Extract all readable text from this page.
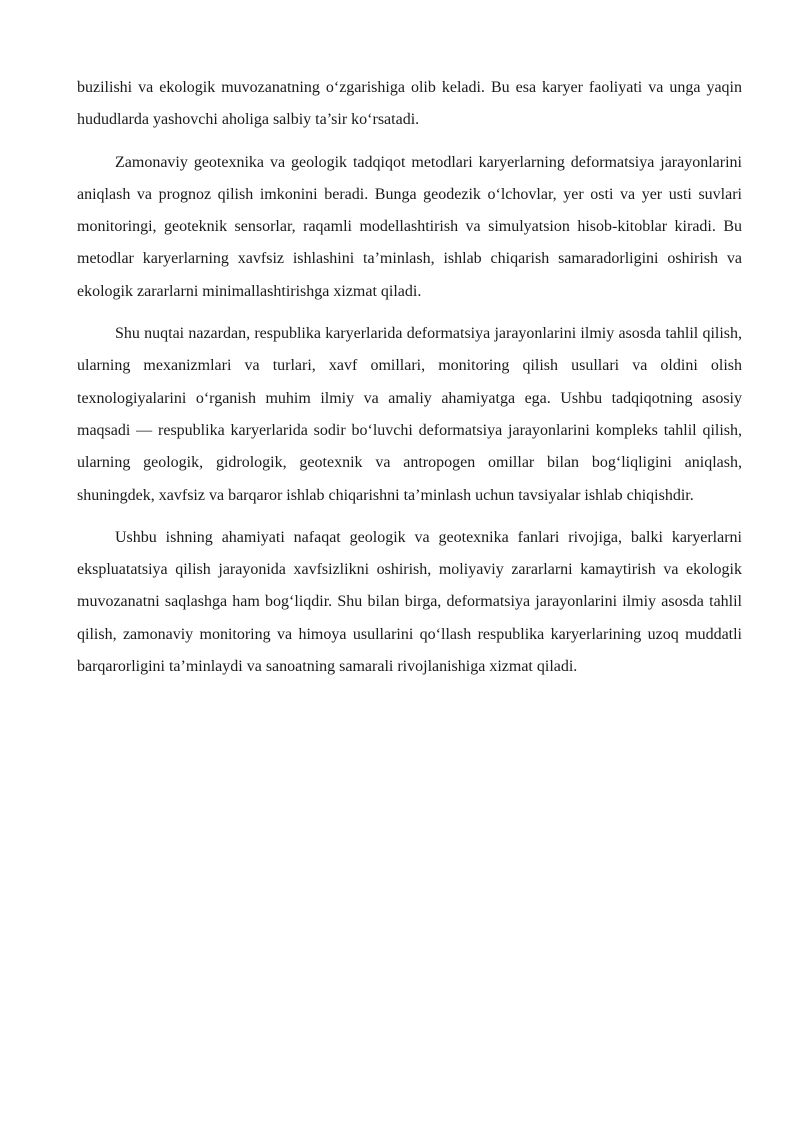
buzilishi va ekologik muvozanatning o‘zgarishiga olib keladi. Bu esa karyer faoliyati va unga yaqin hududlarda yashovchi aholiga salbiy ta’sir ko‘rsatadi.

Zamonaviy geotexnika va geologik tadqiqot metodlari karyerlarning deformatsiya jarayonlarini aniqlash va prognoz qilish imkonini beradi. Bunga geodezik o‘lchovlar, yer osti va yer usti suvlari monitoringi, geoteknik sensorlar, raqamli modellashtirish va simulyatsion hisob-kitoblar kiradi. Bu metodlar karyerlarning xavfsiz ishlashini ta’minlash, ishlab chiqarish samaradorligini oshirish va ekologik zararlarni minimallashtirishga xizmat qiladi.

Shu nuqtai nazardan, respublika karyerlarida deformatsiya jarayonlarini ilmiy asosda tahlil qilish, ularning mexanizmlari va turlari, xavf omillari, monitoring qilish usullari va oldini olish texnologiyalarini o‘rganish muhim ilmiy va amaliy ahamiyatga ega. Ushbu tadqiqotning asosiy maqsadi — respublika karyerlarida sodir bo‘luvchi deformatsiya jarayonlarini kompleks tahlil qilish, ularning geologik, gidrologik, geotexnik va antropogen omillar bilan bog‘liqligini aniqlash, shuningdek, xavfsiz va barqaror ishlab chiqarishni ta’minlash uchun tavsiyalar ishlab chiqishdir.

Ushbu ishning ahamiyati nafaqat geologik va geotexnika fanlari rivojiga, balki karyerlarni ekspluatatsiya qilish jarayonida xavfsizlikni oshirish, moliyaviy zararlarni kamaytirish va ekologik muvozanatni saqlashga ham bog‘liqdir. Shu bilan birga, deformatsiya jarayonlarini ilmiy asosda tahlil qilish, zamonaviy monitoring va himoya usullarini qo‘llash respublika karyerlarining uzoq muddatli barqarorligini ta’minlaydi va sanoatning samarali rivojlanishiga xizmat qiladi.
